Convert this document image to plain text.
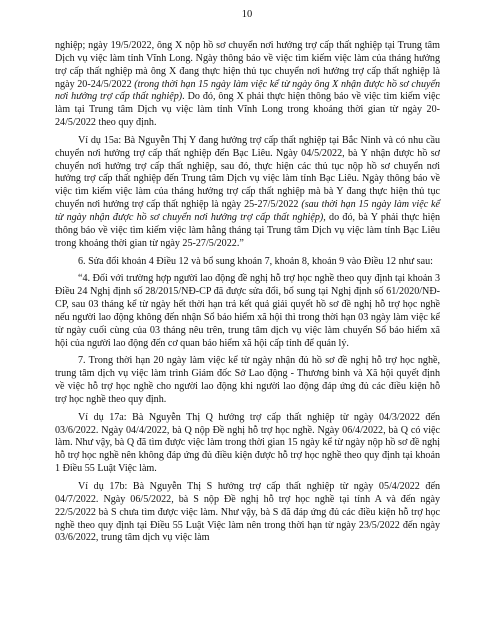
10

nghiệp; ngày 19/5/2022, ông X nộp hồ sơ chuyển nơi hưởng trợ cấp thất nghiệp tại Trung tâm Dịch vụ việc làm tỉnh Vĩnh Long. Ngày thông báo về việc tìm kiếm việc làm của tháng hưởng trợ cấp thất nghiệp mà ông X đang thực hiện thủ tục chuyển nơi hưởng trợ cấp thất nghiệp là ngày 20-24/5/2022 (trong thời hạn 15 ngày làm việc kể từ ngày ông X nhận được hồ sơ chuyển nơi hưởng trợ cấp thất nghiệp). Do đó, ông X phải thực hiện thông báo về việc tìm kiếm việc làm tại Trung tâm Dịch vụ việc làm tỉnh Vĩnh Long trong khoảng thời gian từ ngày 20-24/5/2022 theo quy định.

Ví dụ 15a: Bà Nguyễn Thị Y đang hưởng trợ cấp thất nghiệp tại Bắc Ninh và có nhu cầu chuyển nơi hưởng trợ cấp thất nghiệp đến Bạc Liêu. Ngày 04/5/2022, bà Y nhận được hồ sơ chuyển nơi hưởng trợ cấp thất nghiệp, sau đó, thực hiện các thủ tục nộp hồ sơ chuyển nơi hưởng trợ cấp thất nghiệp đến Trung tâm Dịch vụ việc làm tỉnh Bạc Liêu. Ngày thông báo về việc tìm kiếm việc làm của tháng hưởng trợ cấp thất nghiệp mà bà Y đang thực hiện thủ tục chuyển nơi hưởng trợ cấp thất nghiệp là ngày 25-27/5/2022 (sau thời hạn 15 ngày làm việc kể từ ngày nhận được hồ sơ chuyển nơi hưởng trợ cấp thất nghiệp), do đó, bà Y phải thực hiện thông báo về việc tìm kiếm việc làm hằng tháng tại Trung tâm Dịch vụ việc làm tỉnh Bạc Liêu trong khoảng thời gian từ ngày 25-27/5/2022.”

6. Sửa đổi khoản 4 Điều 12 và bổ sung khoản 7, khoản 8, khoản 9 vào Điều 12 như sau:

“4. Đối với trường hợp người lao động đề nghị hỗ trợ học nghề theo quy định tại khoản 3 Điều 24 Nghị định số 28/2015/NĐ-CP đã được sửa đổi, bổ sung tại Nghị định số 61/2020/NĐ-CP, sau 03 tháng kể từ ngày hết thời hạn trả kết quả giải quyết hồ sơ đề nghị hỗ trợ học nghề nếu người lao động không đến nhận Sổ bảo hiểm xã hội thì trong thời hạn 03 ngày làm việc kể từ ngày cuối cùng của 03 tháng nêu trên, trung tâm dịch vụ việc làm chuyển Sổ bảo hiểm xã hội của người lao động đến cơ quan bảo hiểm xã hội cấp tỉnh để quản lý.

7. Trong thời hạn 20 ngày làm việc kể từ ngày nhận đủ hồ sơ đề nghị hỗ trợ học nghề, trung tâm dịch vụ việc làm trình Giám đốc Sở Lao động - Thương binh và Xã hội quyết định về việc hỗ trợ học nghề cho người lao động khi người lao động đáp ứng đủ các điều kiện hỗ trợ học nghề theo quy định.

Ví dụ 17a: Bà Nguyễn Thị Q hưởng trợ cấp thất nghiệp từ ngày 04/3/2022 đến 03/6/2022. Ngày 04/4/2022, bà Q nộp Đề nghị hỗ trợ học nghề. Ngày 06/4/2022, bà Q có việc làm. Như vậy, bà Q đã tìm được việc làm trong thời gian 15 ngày kể từ ngày nộp hồ sơ đề nghị hỗ trợ học nghề nên không đáp ứng đủ điều kiện được hỗ trợ học nghề theo quy định tại khoản 1 Điều 55 Luật Việc làm.

Ví dụ 17b: Bà Nguyễn Thị S hưởng trợ cấp thất nghiệp từ ngày 05/4/2022 đến 04/7/2022. Ngày 06/5/2022, bà S nộp Đề nghị hỗ trợ học nghề tại tỉnh A và đến ngày 22/5/2022 bà S chưa tìm được việc làm. Như vậy, bà S đã đáp ứng đủ các điều kiện hỗ trợ học nghề theo quy định tại Điều 55 Luật Việc làm nên trong thời hạn từ ngày 23/5/2022 đến ngày 03/6/2022, trung tâm dịch vụ việc làm
